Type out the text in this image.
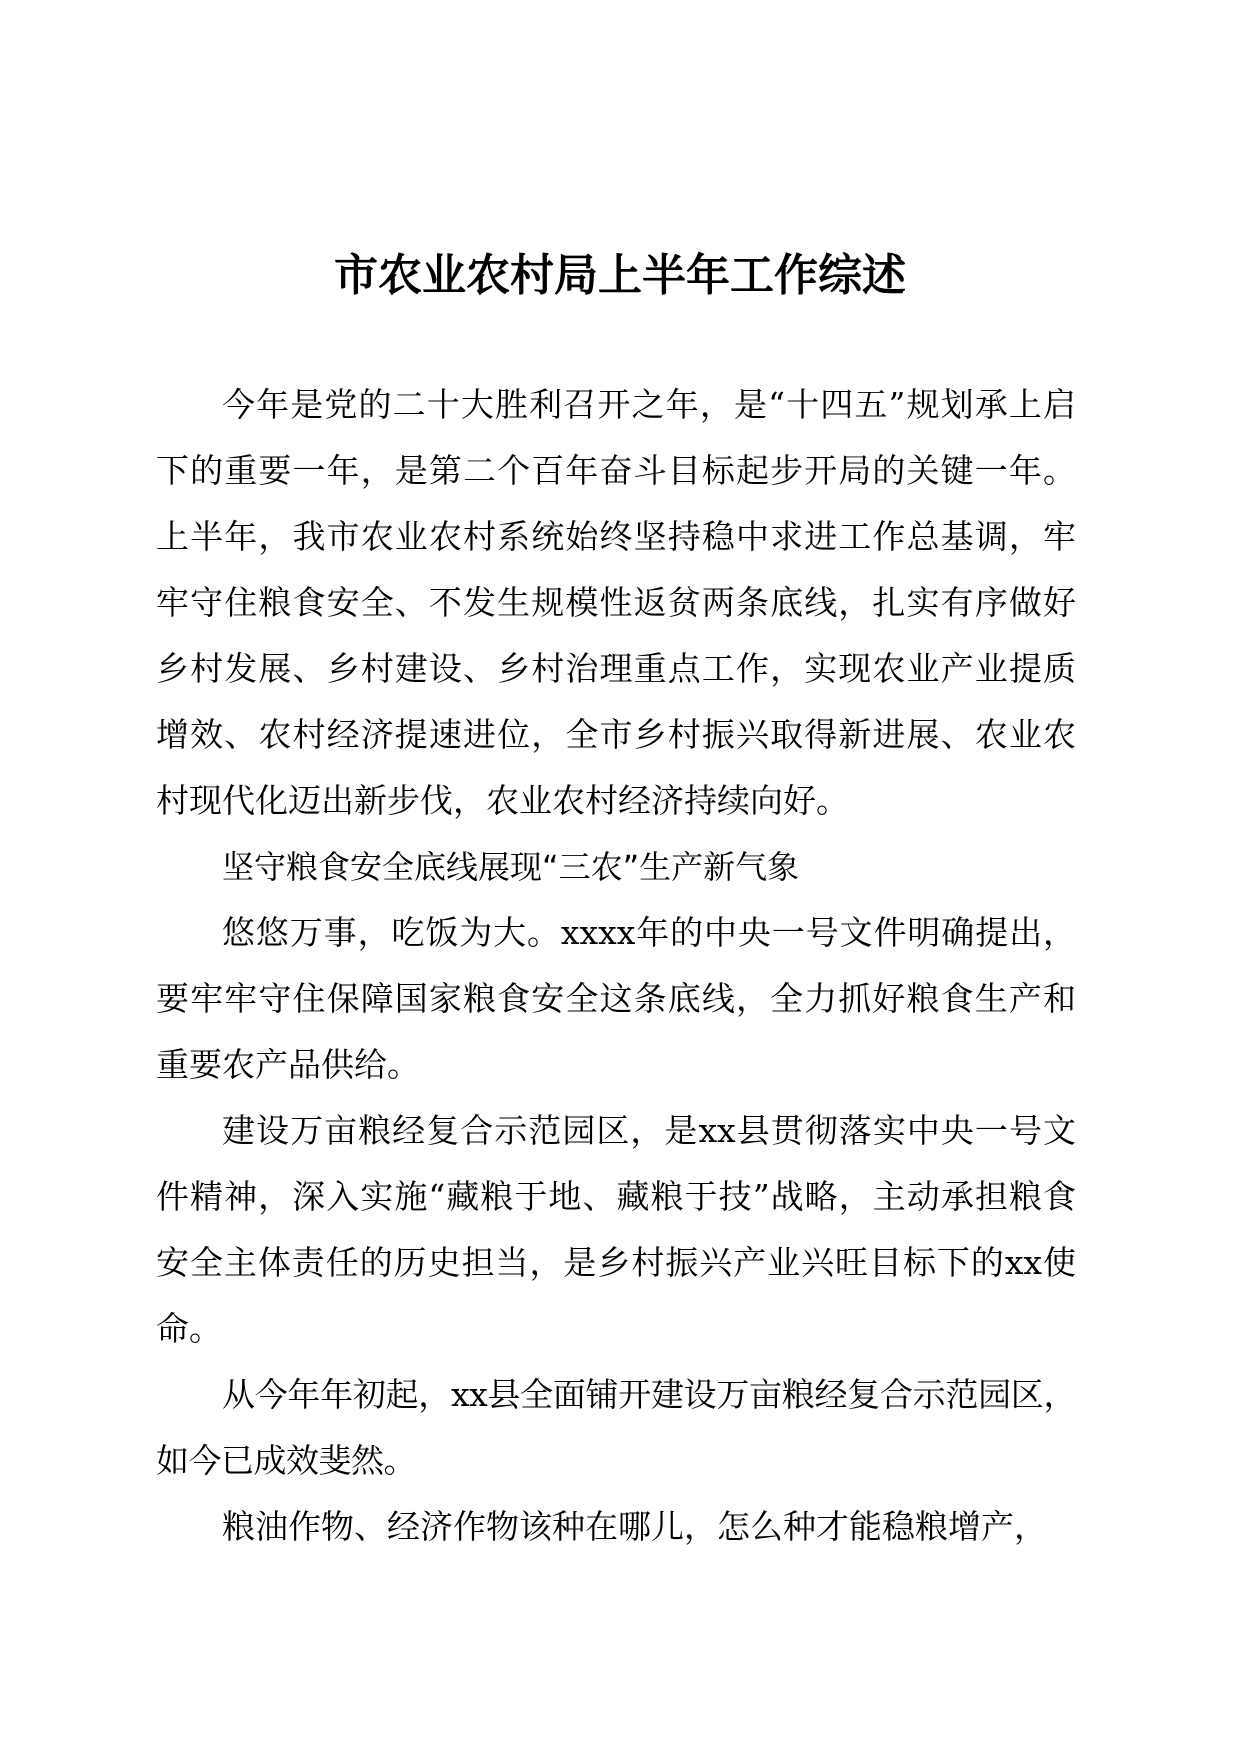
市农业农村局上半年工作综述

今年是党的二十大胜利召开之年，是“十四五”规划承上启下的重要一年，是第二个百年奋斗目标起步开局的关键一年。上半年，我市农业农村系统始终坚持稳中求进工作总基调，牢牢守住粮食安全、不发生规模性返贫两条底线，扎实有序做好乡村发展、乡村建设、乡村治理重点工作，实现农业产业提质增效、农村经济提速进位，全市乡村振兴取得新进展、农业农村现代化迈出新步伐，农业农村经济持续向好。

坚守粮食安全底线展现“三农”生产新气象

悠悠万事，吃饭为大。xxxx年的中央一号文件明确提出，要牢牢守住保障国家粮食安全这条底线，全力抓好粮食生产和重要农产品供给。

建设万亩粮经复合示范园区，是xx县贯彻落实中央一号文件精神，深入实施“藏粮于地、藏粮于技”战略，主动承担粮食安全主体责任的历史担当，是乡村振兴产业兴旺目标下的xx使命。

从今年年初起，xx县全面铺开建设万亩粮经复合示范园区，如今已成效斐然。

粮油作物、经济作物该种在哪儿，怎么种才能稳粮增产，
